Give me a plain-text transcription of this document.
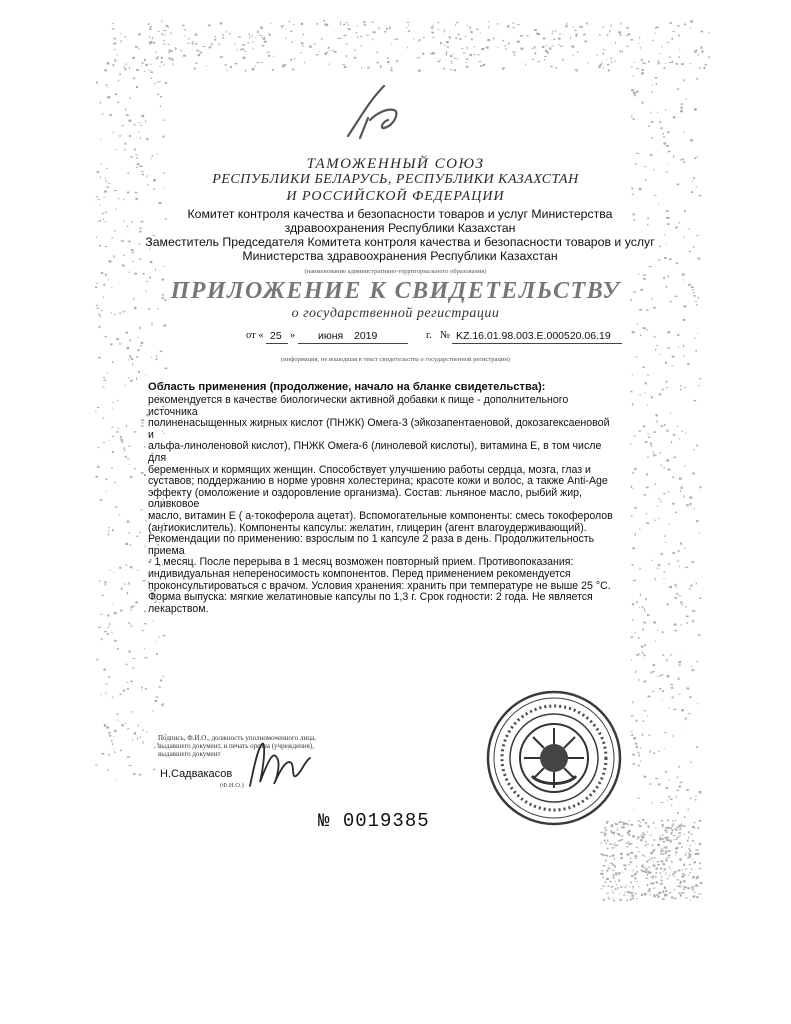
ТАМОЖЕННЫЙ СОЮЗ
РЕСПУБЛИКИ БЕЛАРУСЬ, РЕСПУБЛИКИ КАЗАХСТАН
И РОССИЙСКОЙ ФЕДЕРАЦИИ
Комитет контроля качества и безопасности товаров и услуг Министерства здравоохранения Республики Казахстан
Заместитель Председателя Комитета контроля качества и безопасности товаров и услуг Министерства здравоохранения Республики Казахстан
(наименование административно-территориального образования)
ПРИЛОЖЕНИЕ К СВИДЕТЕЛЬСТВУ
о государственной регистрации
от « 25 » июня 2019	г. № KZ.16.01.98.003.E.000520.06.19
(информация, не вошедшая в текст свидетельства о государственной регистрации)
Область применения (продолжение, начало на бланке свидетельства):
рекомендуется в качестве биологически активной добавки к пище - дополнительного источника
полиненасыщенных жирных кислот (ПНЖК) Омега-3 (эйкозапентаеновой, докозагексаеновой и
альфа-линоленовой кислот), ПНЖК Омега-6 (линолевой кислоты), витамина Е, в том числе для
беременных и кормящих женщин. Способствует улучшению работы сердца, мозга, глаз и
суставов; поддержанию в норме уровня холестерина; красоте кожи и волос, а также Anti-Age
эффекту (омоложение и оздоровление организма). Состав: льняное масло, рыбий жир, оливковое
масло, витамин Е ( а-токоферола ацетат). Вспомогательные компоненты: смесь токоферолов
(антиокислитель). Компоненты капсулы: желатин, глицерин (агент влагоудерживающий).
Рекомендации по применению: взрослым по 1 капсуле 2 раза в день. Продолжительность приема
- 1 месяц. После перерыва в 1 месяц возможен повторный прием. Противопоказания:
индивидуальная непереносимость компонентов. Перед применением рекомендуется
проконсультироваться с врачом. Условия хранения: хранить при температуре не выше 25 °С.
Форма выпуска: мягкие желатиновые капсулы по 1,3 г. Срок годности: 2 года. Не является
лекарством.
Подпись, Ф.И.О., должность уполномоченного лица,
выдавшего документ, и печать органа (учреждения),
выдавшего документ
Н.Садвакасов
(Ф.И.О.)
№ 0019385
